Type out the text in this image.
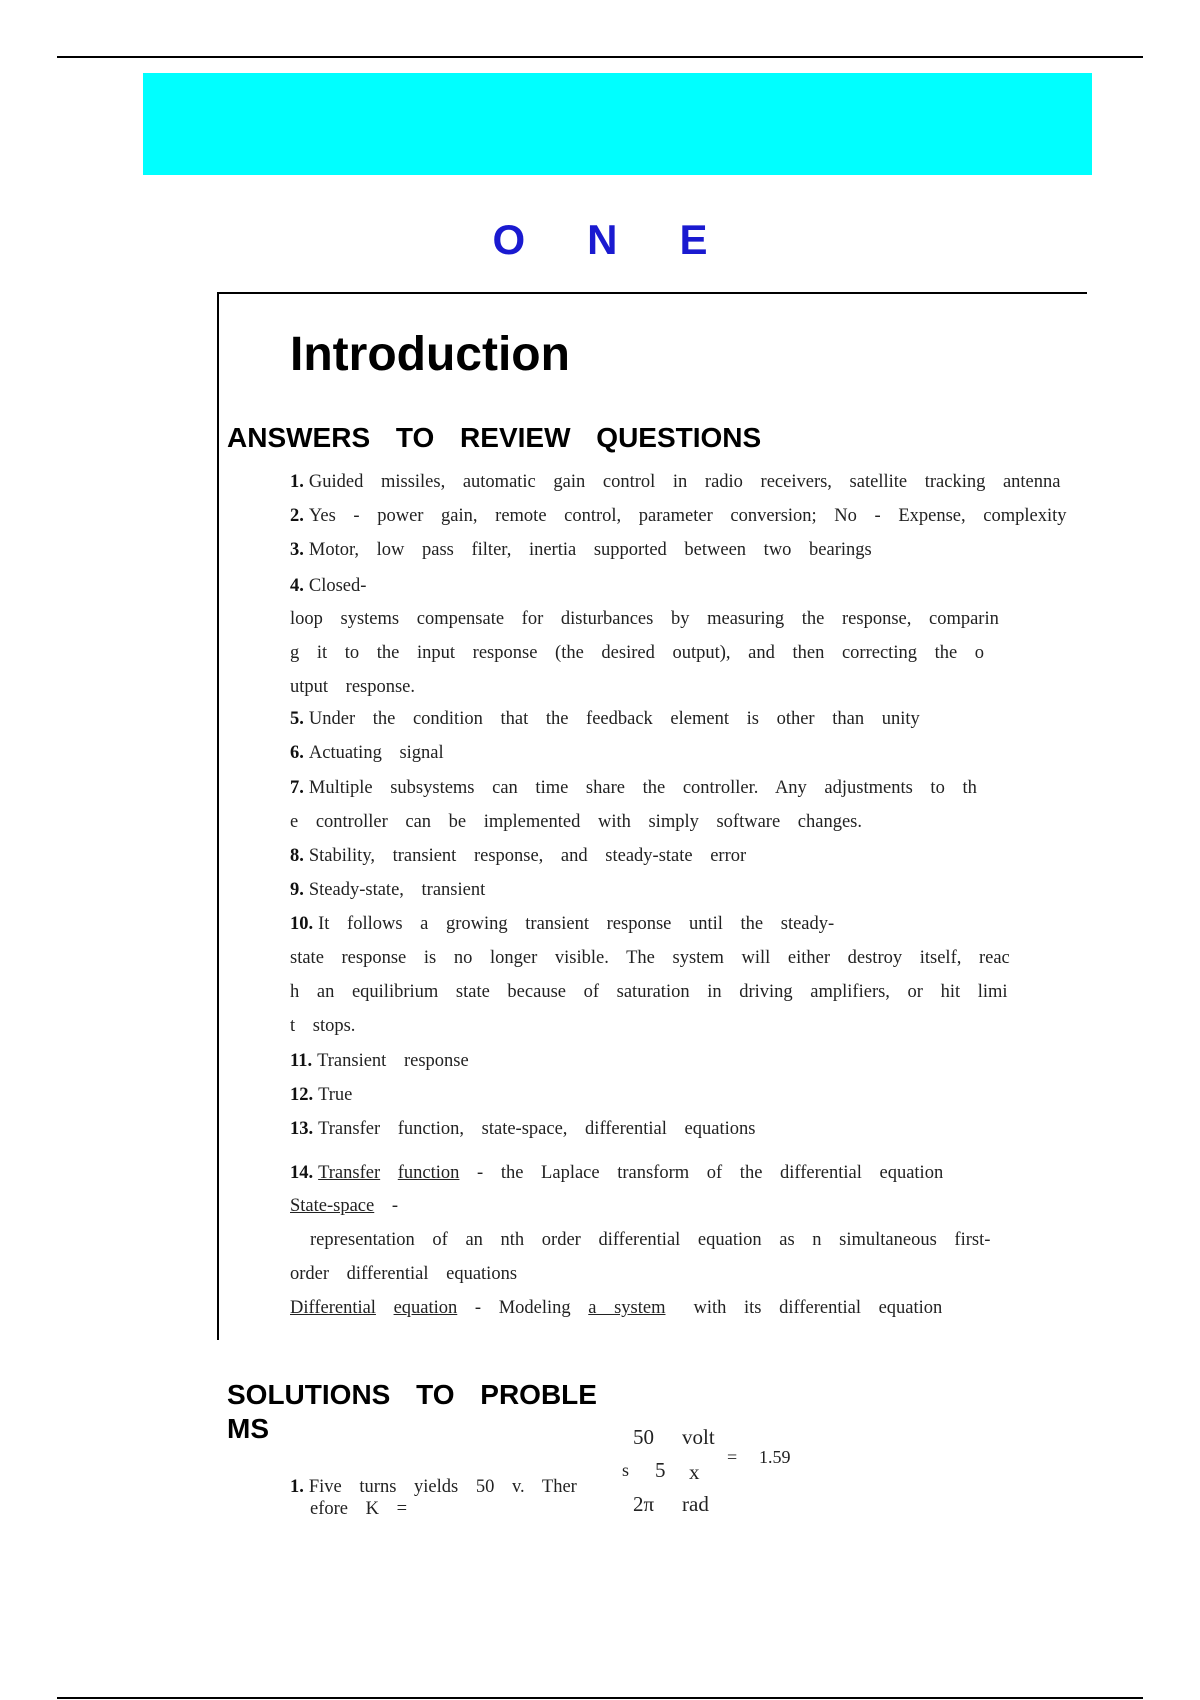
ONE
Introduction
ANSWERS TO REVIEW QUESTIONS

1. Guided missiles, automatic gain control in radio receivers, satellite tracking antenna

2. Yes - power gain, remote control, parameter conversion; No - Expense, complexity

3. Motor, low pass filter, inertia supported between two bearings

4. Closed-

loop systems compensate for disturbances by measuring the response, comparin

g it to the input response (the desired output), and then correcting the o

utput response.

5. Under the condition that the feedback element is other than unity

6. Actuating signal

7. Multiple subsystems can time share the controller. Any adjustments to th

e controller can be implemented with simply software changes.

8. Stability, transient response, and steady-state error

9. Steady-state, transient

10. It follows a growing transient response until the steady-

state response is no longer visible. The system will either destroy itself, reac

h an equilibrium state because of saturation in driving amplifiers, or hit limi

t stops.

11. Transient response

12. True

13. Transfer function, state-space, differential equations

14. Transfer function - the Laplace transform of the differential equation

State-space -

representation of an nth order differential equation as n simultaneous first-

order differential equations

Differential equation - Modeling a system with its differential equation

SOLUTIONS TO PROBLE
MS

1. Five turns yields 50 v. Ther
efore K =

50 volt
s 5 x
= 1.59
2π rad
